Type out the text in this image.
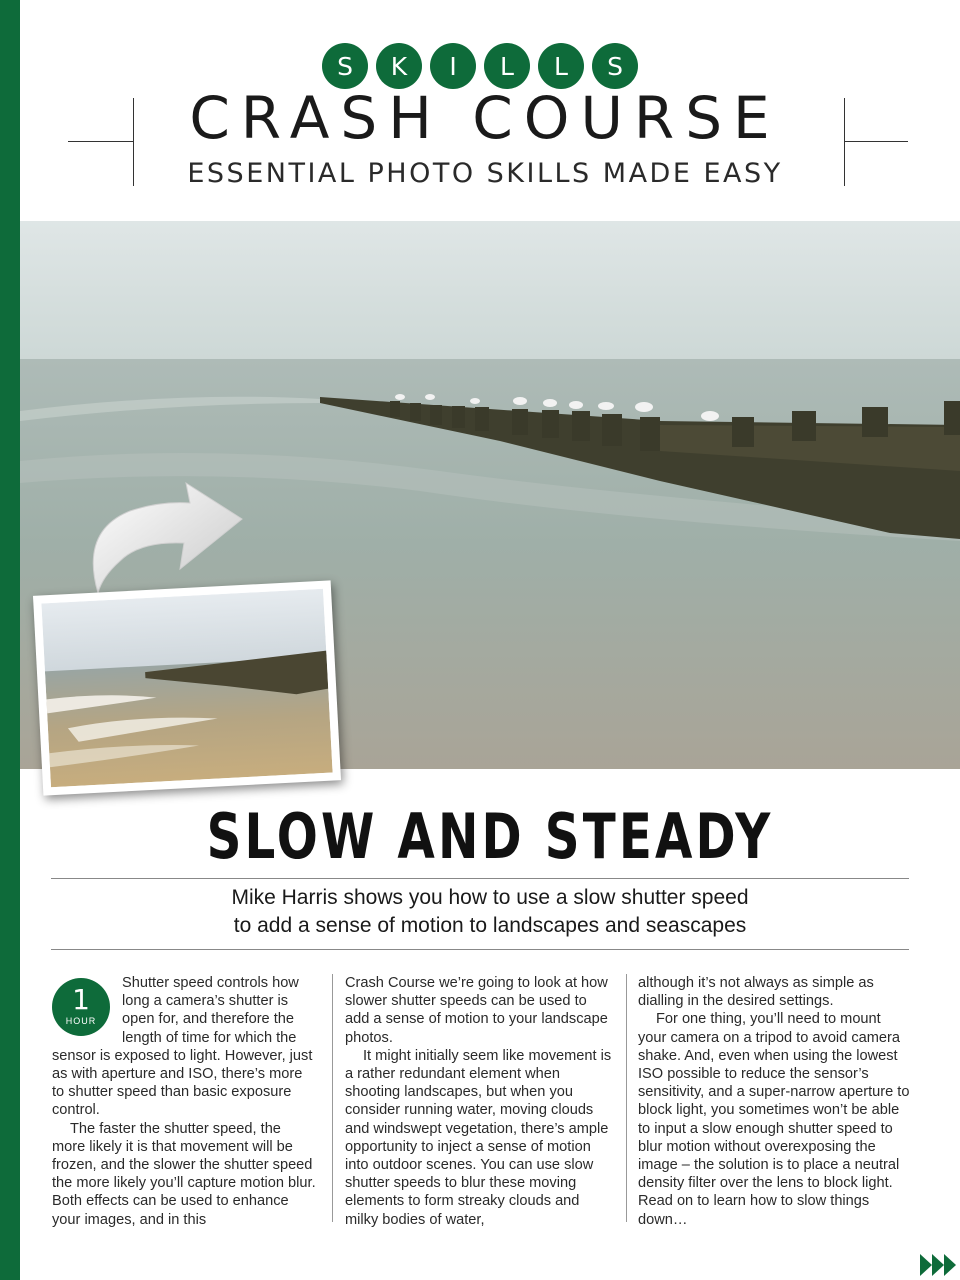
S	K	I	L	L	S
CRASH COURSE
ESSENTIAL PHOTO SKILLS MADE EASY
SLOW AND STEADY
Mike Harris shows you how to use a slow shutter speed
to add a sense of motion to landscapes and seascapes
1
HOUR

Shutter speed controls how long a camera’s shutter is open for, and therefore the length of time for which the sensor is exposed to light. However, just as with aperture and ISO, there’s more to shutter speed than basic exposure control.

The faster the shutter speed, the more likely it is that movement will be frozen, and the slower the shutter speed the more likely you’ll capture motion blur. Both effects can be used to enhance your images, and in this

Crash Course we’re going to look at how slower shutter speeds can be used to add a sense of motion to your landscape photos.

It might initially seem like movement is a rather redundant element when shooting landscapes, but when you consider running water, moving clouds and windswept vegetation, there’s ample opportunity to inject a sense of motion into outdoor scenes. You can use slow shutter speeds to blur these moving elements to form streaky clouds and milky bodies of water,

although it’s not always as simple as dialling in the desired settings.

For one thing, you’ll need to mount your camera on a tripod to avoid camera shake. And, even when using the lowest ISO possible to reduce the sensor’s sensitivity, and a super-narrow aperture to block light, you sometimes won’t be able to input a slow enough shutter speed to blur motion without overexposing the image – the solution is to place a neutral density filter over the lens to block light. Read on to learn how to slow things down…
